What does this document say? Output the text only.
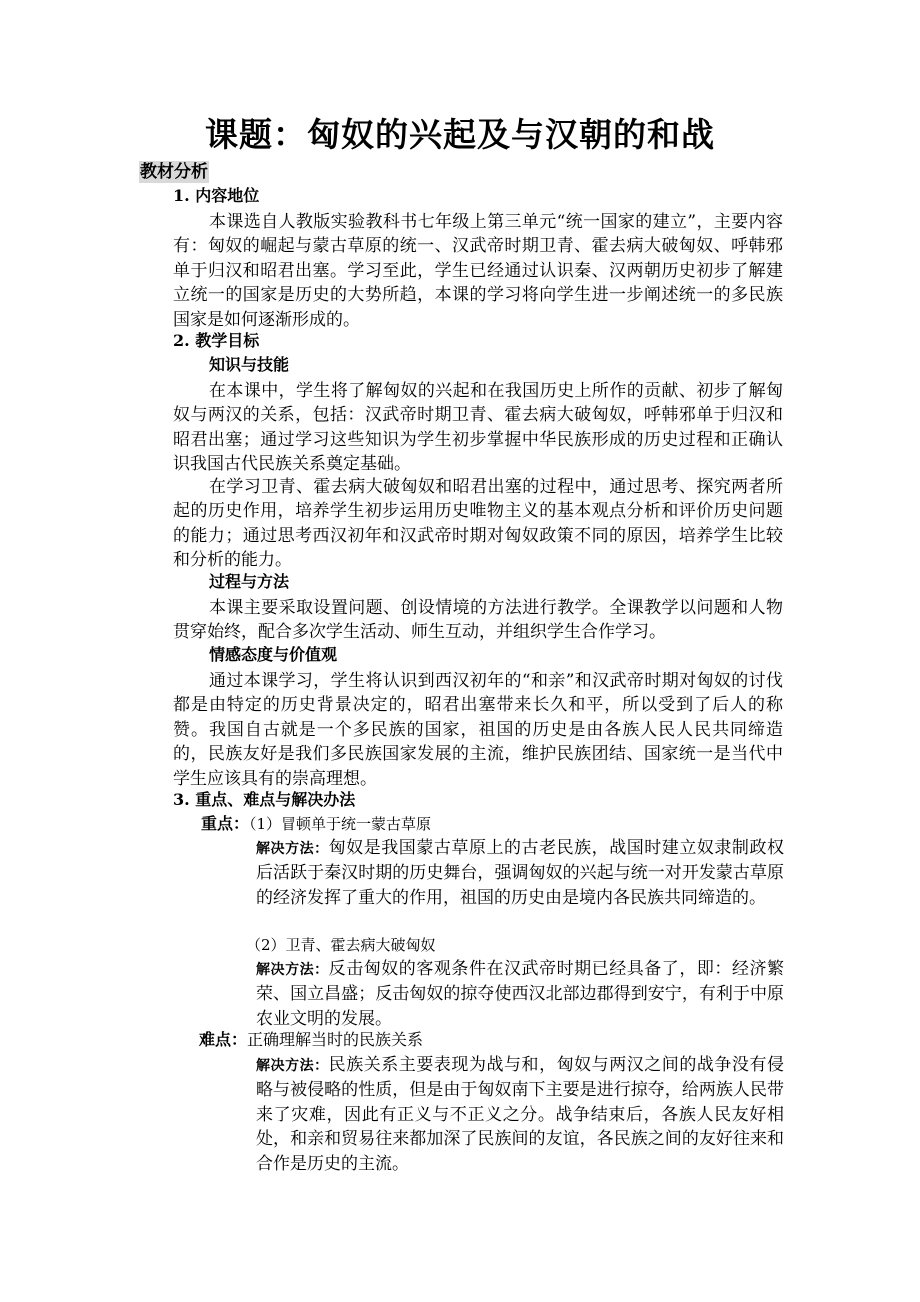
课题：匈奴的兴起及与汉朝的和战
教材分析
1. 内容地位
本课选自人教版实验教科书七年级上第三单元“统一国家的建立”，主要内容有：匈奴的崛起与蒙古草原的统一、汉武帝时期卫青、霍去病大破匈奴、呼韩邪单于归汉和昭君出塞。学习至此，学生已经通过认识秦、汉两朝历史初步了解建立统一的国家是历史的大势所趋，本课的学习将向学生进一步阐述统一的多民族国家是如何逐渐形成的。
2. 教学目标
知识与技能
在本课中，学生将了解匈奴的兴起和在我国历史上所作的贡献、初步了解匈奴与两汉的关系，包括：汉武帝时期卫青、霍去病大破匈奴，呼韩邪单于归汉和昭君出塞；通过学习这些知识为学生初步掌握中华民族形成的历史过程和正确认识我国古代民族关系奠定基础。
在学习卫青、霍去病大破匈奴和昭君出塞的过程中，通过思考、探究两者所起的历史作用，培养学生初步运用历史唯物主义的基本观点分析和评价历史问题的能力；通过思考西汉初年和汉武帝时期对匈奴政策不同的原因，培养学生比较和分析的能力。
过程与方法
本课主要采取设置问题、创设情境的方法进行教学。全课教学以问题和人物贯穿始终，配合多次学生活动、师生互动，并组织学生合作学习。
情感态度与价值观
通过本课学习，学生将认识到西汉初年的“和亲”和汉武帝时期对匈奴的讨伐都是由特定的历史背景决定的，昭君出塞带来长久和平，所以受到了后人的称赞。我国自古就是一个多民族的国家，祖国的历史是由各族人民人民共同缔造的，民族友好是我们多民族国家发展的主流，维护民族团结、国家统一是当代中学生应该具有的崇高理想。
3. 重点、难点与解决办法
重点：（1）冒顿单于统一蒙古草原
解决方法：匈奴是我国蒙古草原上的古老民族，战国时建立奴隶制政权后活跃于秦汉时期的历史舞台，强调匈奴的兴起与统一对开发蒙古草原的经济发挥了重大的作用，祖国的历史由是境内各民族共同缔造的。
（2）卫青、霍去病大破匈奴
解决方法：反击匈奴的客观条件在汉武帝时期已经具备了，即：经济繁荣、国立昌盛；反击匈奴的掠夺使西汉北部边郡得到安宁，有利于中原农业文明的发展。
难点：正确理解当时的民族关系
解决方法：民族关系主要表现为战与和，匈奴与两汉之间的战争没有侵略与被侵略的性质，但是由于匈奴南下主要是进行掠夺，给两族人民带来了灾难，因此有正义与不正义之分。战争结束后，各族人民友好相处，和亲和贸易往来都加深了民族间的友谊，各民族之间的友好往来和合作是历史的主流。
